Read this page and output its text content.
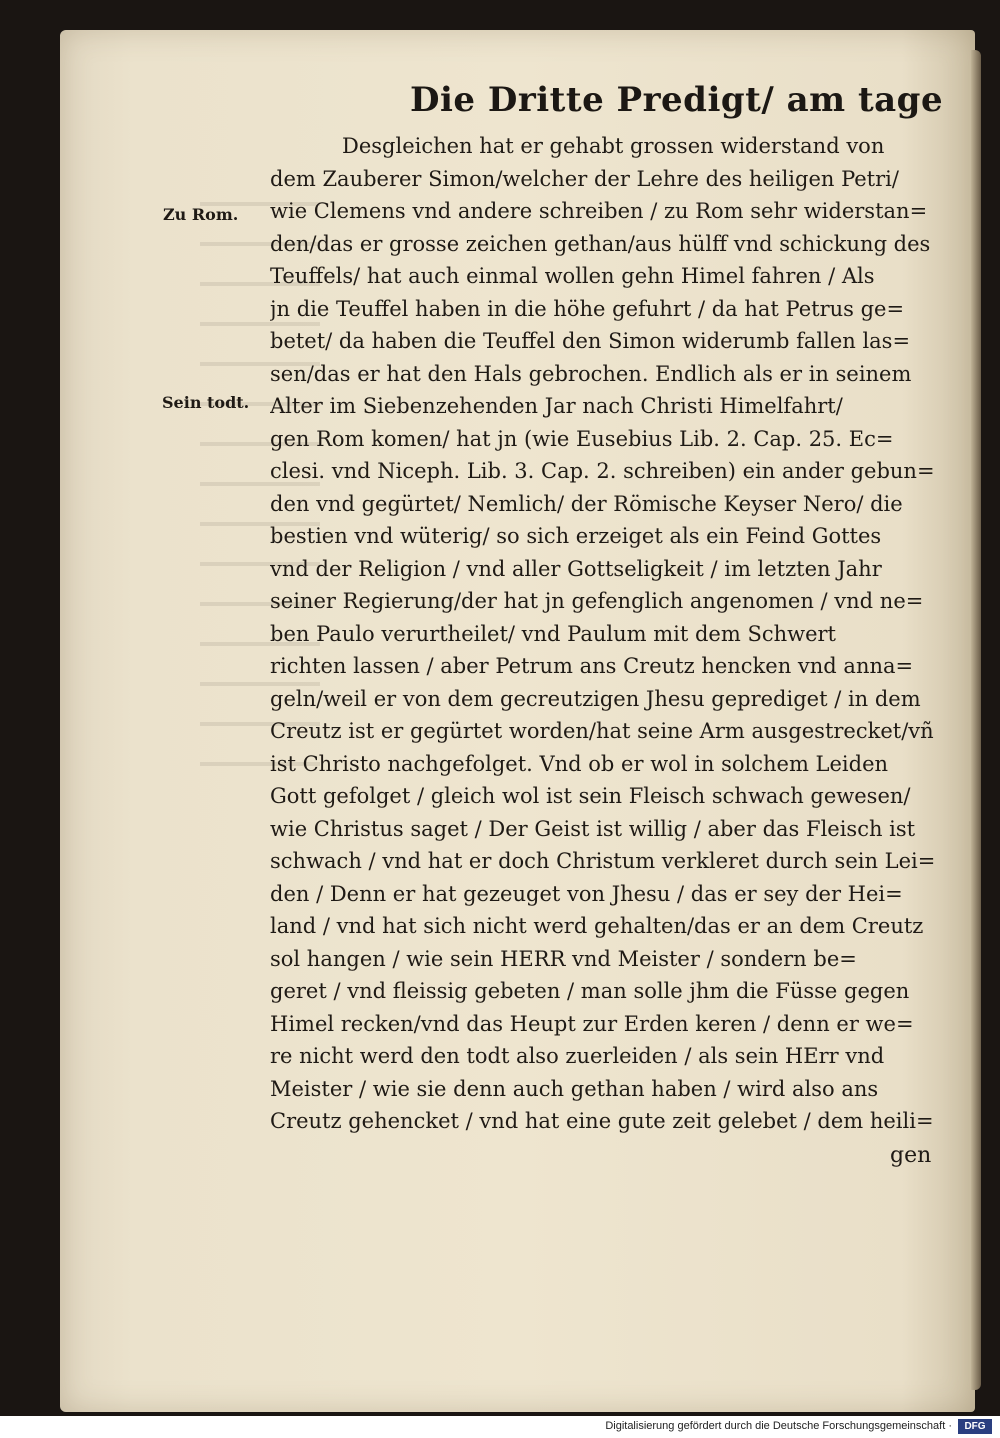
Die Dritte Predigt/ am tage
Zu Rom.
Sein todt.
Desgleichen hat er gehabt grossen widerstand von
dem Zauberer Simon/welcher der Lehre des heiligen Petri/
wie Clemens vnd andere schreiben / zu Rom sehr widerstan=
den/das er grosse zeichen gethan/aus hülff vnd schickung des
Teuffels/ hat auch einmal wollen gehn Himel fahren / Als
jn die Teuffel haben in die höhe gefuhrt / da hat Petrus ge=
betet/ da haben die Teuffel den Simon widerumb fallen las=
sen/das er hat den Hals gebrochen. Endlich als er in seinem
Alter im Siebenzehenden Jar nach Christi Himelfahrt/
gen Rom komen/ hat jn (wie Eusebius Lib. 2. Cap. 25. Ec=
clesi. vnd Niceph. Lib. 3. Cap. 2. schreiben) ein ander gebun=
den vnd gegürtet/ Nemlich/ der Römische Keyser Nero/ die
bestien vnd wüterig/ so sich erzeiget als ein Feind Gottes
vnd der Religion / vnd aller Gottseligkeit / im letzten Jahr
seiner Regierung/der hat jn gefenglich angenomen / vnd ne=
ben Paulo verurtheilet/ vnd Paulum mit dem Schwert
richten lassen / aber Petrum ans Creutz hencken vnd anna=
geln/weil er von dem gecreutzigen Jhesu geprediget / in dem
Creutz ist er gegürtet worden/hat seine Arm ausgestrecket/vñ
ist Christo nachgefolget. Vnd ob er wol in solchem Leiden
Gott gefolget / gleich wol ist sein Fleisch schwach gewesen/
wie Christus saget / Der Geist ist willig / aber das Fleisch ist
schwach / vnd hat er doch Christum verkleret durch sein Lei=
den / Denn er hat gezeuget von Jhesu / das er sey der Hei=
land / vnd hat sich nicht werd gehalten/das er an dem Creutz
sol hangen / wie sein HERR vnd Meister / sondern be=
geret / vnd fleissig gebeten / man solle jhm die Füsse gegen
Himel recken/vnd das Heupt zur Erden keren / denn er we=
re nicht werd den todt also zuerleiden / als sein HErr vnd
Meister / wie sie denn auch gethan haben / wird also ans
Creutz gehencket / vnd hat eine gute zeit gelebet / dem heili=
gen
Digitalisierung gefördert durch die Deutsche Forschungsgemeinschaft ·	DFG
